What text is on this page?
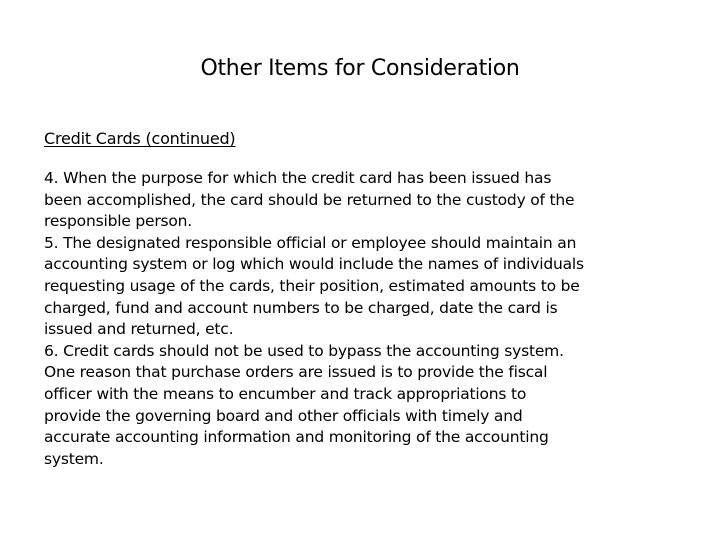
Other Items for Consideration
Credit Cards (continued)

4. When the purpose for which the credit card has been issued has
been accomplished, the card should be returned to the custody of the
responsible person.

5. The designated responsible official or employee should maintain an
accounting system or log which would include the names of individuals
requesting usage of the cards, their position, estimated amounts to be
charged, fund and account numbers to be charged, date the card is
issued and returned, etc.

6. Credit cards should not be used to bypass the accounting system.
One reason that purchase orders are issued is to provide the fiscal
officer with the means to encumber and track appropriations to
provide the governing board and other officials with timely and
accurate accounting information and monitoring of the accounting
system.
